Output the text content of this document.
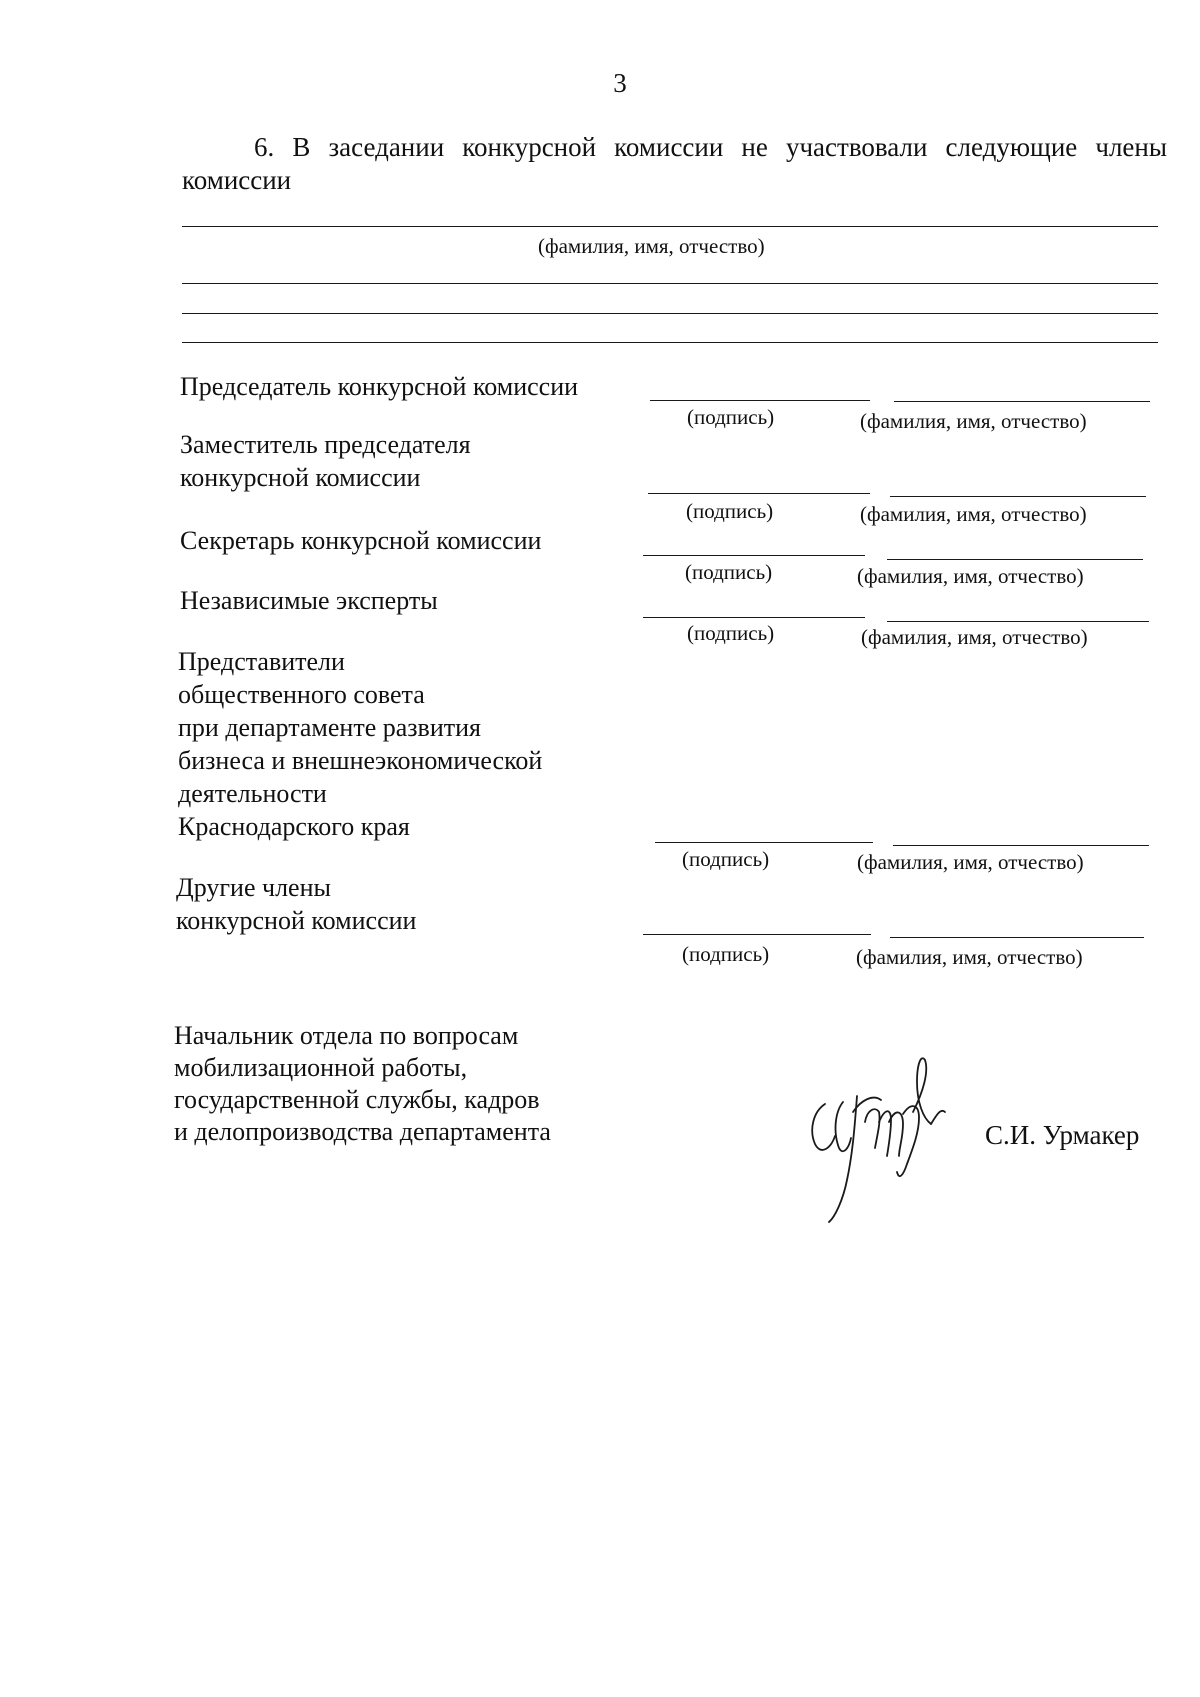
3
6. В заседании конкурсной комиссии не участвовали следующие члены
комиссии
(фамилия, имя, отчество)
Председатель конкурсной комиссии
(подпись)	(фамилия, имя, отчество)
Заместитель председателя
конкурсной комиссии
(подпись)	(фамилия, имя, отчество)
Секретарь конкурсной комиссии
(подпись)	(фамилия, имя, отчество)
Независимые эксперты
(подпись)	(фамилия, имя, отчество)
Представители
общественного совета
при департаменте развития
бизнеса и внешнеэкономической
деятельности
Краснодарского края
(подпись)	(фамилия, имя, отчество)
Другие члены
конкурсной комиссии
(подпись)	(фамилия, имя, отчество)
Начальник отдела по вопросам
мобилизационной работы,
государственной службы, кадров
и делопроизводства департамента	С.И. Урмакер
